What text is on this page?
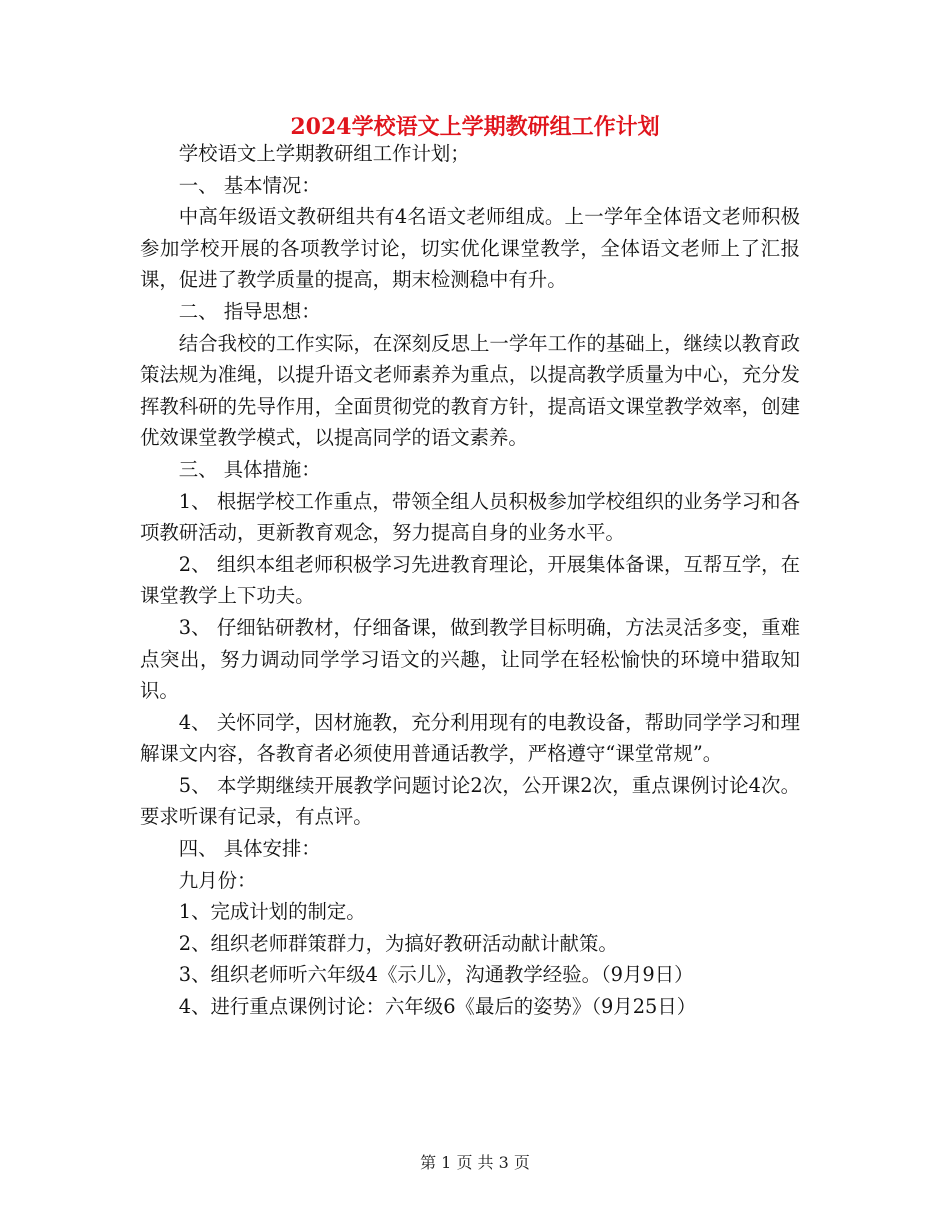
2024学校语文上学期教研组工作计划

学校语文上学期教研组工作计划；

一、 基本情况：

中高年级语文教研组共有4名语文老师组成。上一学年全体语文老师积极参加学校开展的各项教学讨论，切实优化课堂教学，全体语文老师上了汇报课，促进了教学质量的提高，期末检测稳中有升。

二、 指导思想：

结合我校的工作实际，在深刻反思上一学年工作的基础上，继续以教育政策法规为准绳，以提升语文老师素养为重点，以提高教学质量为中心，充分发挥教科研的先导作用，全面贯彻党的教育方针，提高语文课堂教学效率，创建优效课堂教学模式，以提高同学的语文素养。

三、 具体措施：

1、 根据学校工作重点，带领全组人员积极参加学校组织的业务学习和各项教研活动，更新教育观念，努力提高自身的业务水平。

2、 组织本组老师积极学习先进教育理论，开展集体备课，互帮互学，在课堂教学上下功夫。

3、 仔细钻研教材，仔细备课，做到教学目标明确，方法灵活多变，重难点突出，努力调动同学学习语文的兴趣，让同学在轻松愉快的环境中猎取知识。

4、 关怀同学，因材施教，充分利用现有的电教设备，帮助同学学习和理解课文内容，各教育者必须使用普通话教学，严格遵守“课堂常规”。

5、 本学期继续开展教学问题讨论2次，公开课2次，重点课例讨论4次。要求听课有记录，有点评。

四、 具体安排：

九月份：

1、完成计划的制定。

2、组织老师群策群力，为搞好教研活动献计献策。

3、组织老师听六年级4《示儿》，沟通教学经验。（9月9日）

4、进行重点课例讨论：六年级6《最后的姿势》（9月25日）

第 1 页 共 3 页
